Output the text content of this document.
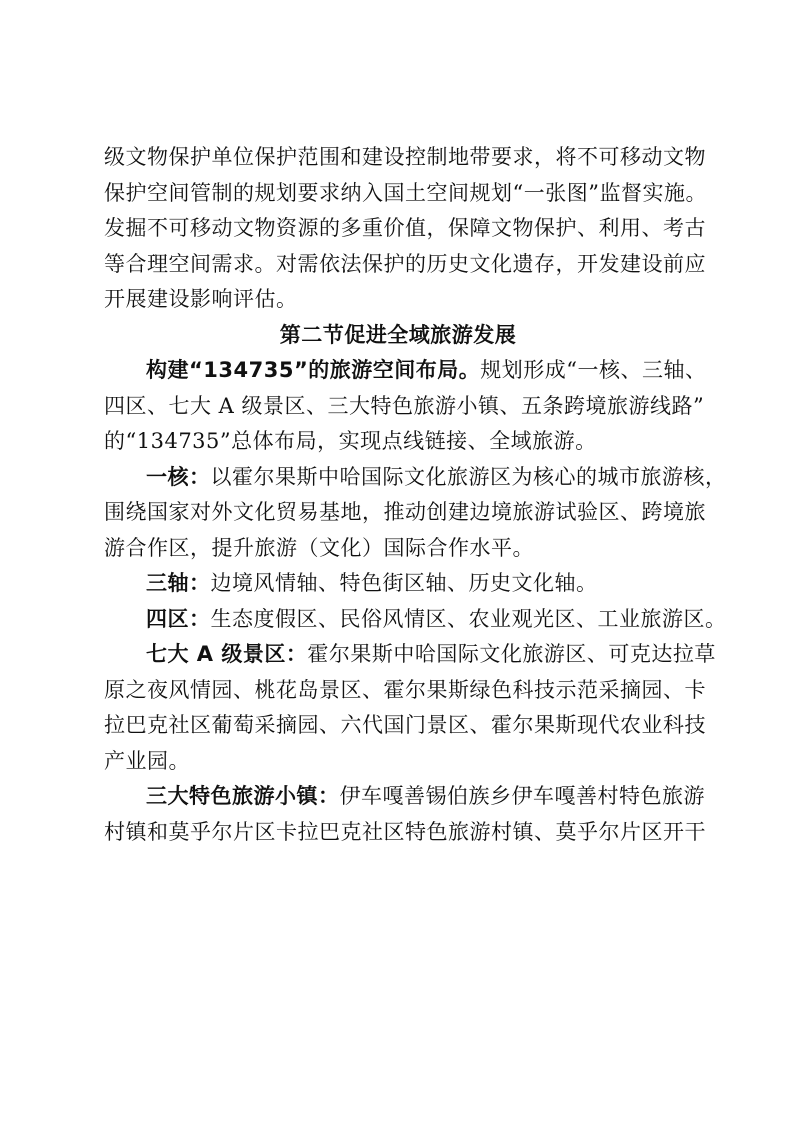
级文物保护单位保护范围和建设控制地带要求，将不可移动文物
保护空间管制的规划要求纳入国土空间规划“一张图”监督实施。
发掘不可移动文物资源的多重价值，保障文物保护、利用、考古
等合理空间需求。对需依法保护的历史文化遗存，开发建设前应
开展建设影响评估。
第二节促进全域旅游发展
构建“134735”的旅游空间布局。规划形成“一核、三轴、
四区、七大 A 级景区、三大特色旅游小镇、五条跨境旅游线路”
的“134735”总体布局，实现点线链接、全域旅游。
一核：以霍尔果斯中哈国际文化旅游区为核心的城市旅游核，
围绕国家对外文化贸易基地，推动创建边境旅游试验区、跨境旅
游合作区，提升旅游（文化）国际合作水平。
三轴：边境风情轴、特色街区轴、历史文化轴。
四区：生态度假区、民俗风情区、农业观光区、工业旅游区。
七大 A 级景区：霍尔果斯中哈国际文化旅游区、可克达拉草
原之夜风情园、桃花岛景区、霍尔果斯绿色科技示范采摘园、卡
拉巴克社区葡萄采摘园、六代国门景区、霍尔果斯现代农业科技
产业园。
三大特色旅游小镇：伊车嘎善锡伯族乡伊车嘎善村特色旅游
村镇和莫乎尔片区卡拉巴克社区特色旅游村镇、莫乎尔片区开干
